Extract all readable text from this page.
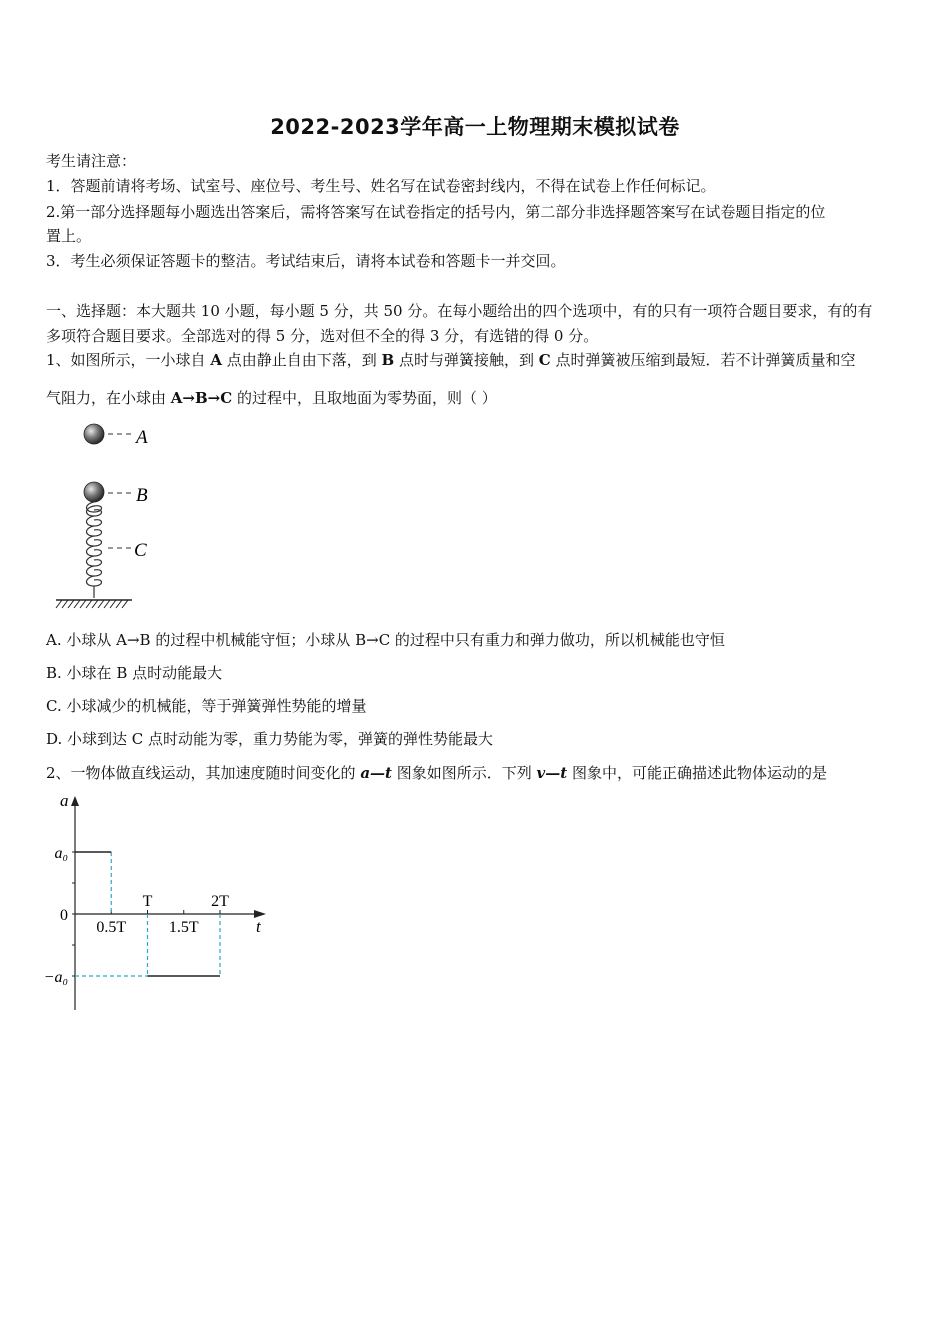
2022-2023学年高一上物理期末模拟试卷
考生请注意：
1．答题前请将考场、试室号、座位号、考生号、姓名写在试卷密封线内，不得在试卷上作任何标记。
2.第一部分选择题每小题选出答案后，需将答案写在试卷指定的括号内，第二部分非选择题答案写在试卷题目指定的位
置上。
3．考生必须保证答题卡的整洁。考试结束后，请将本试卷和答题卡一并交回。
一、选择题：本大题共 10 小题，每小题 5 分，共 50 分。在每小题给出的四个选项中，有的只有一项符合题目要求，有的有
多项符合题目要求。全部选对的得 5 分，选对但不全的得 3 分，有选错的得 0 分。
1、如图所示，一小球自 A 点由静止自由下落，到 B 点时与弹簧接触，到 C 点时弹簧被压缩到最短．若不计弹簧质量和空
气阻力，在小球由 A→B→C 的过程中，且取地面为零势面，则（ ）
A
B
C
A. 小球从 A→B 的过程中机械能守恒；小球从 B→C 的过程中只有重力和弹力做功，所以机械能也守恒
B. 小球在 B 点时动能最大
C. 小球减少的机械能，等于弹簧弹性势能的增量
D. 小球到达 C 点时动能为零，重力势能为零，弹簧的弹性势能最大
2、一物体做直线运动，其加速度随时间变化的 a—t 图象如图所示．下列 v—t 图象中，可能正确描述此物体运动的是
a
t
a₀
0
−a₀
0.5T
T
1.5T
2T
